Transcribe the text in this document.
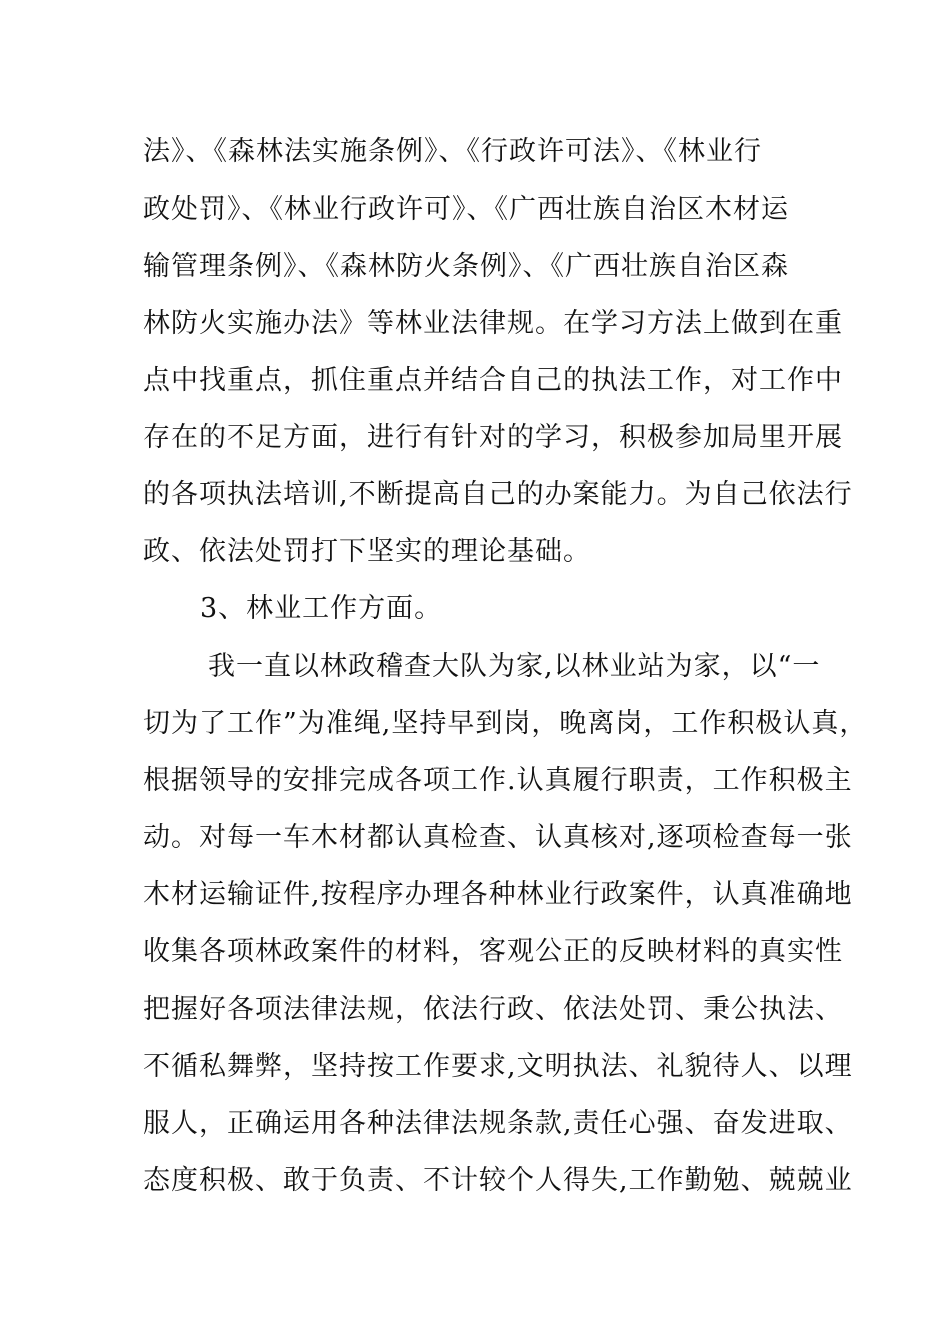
法》、《森林法实施条例》、《行政许可法》、《林业行
政处罚》、《林业行政许可》、《广西壮族自治区木材运
输管理条例》、《森林防火条例》、《广西壮族自治区森
林防火实施办法》等林业法律规。在学习方法上做到在重
点中找重点，抓住重点并结合自己的执法工作，对工作中
存在的不足方面，进行有针对的学习，积极参加局里开展
的各项执法培训,不断提高自己的办案能力。为自己依法行
政、依法处罚打下坚实的理论基础。
3、林业工作方面。
我一直以林政稽查大队为家,以林业站为家，以“一
切为了工作”为准绳,坚持早到岗，晚离岗，工作积极认真，
根据领导的安排完成各项工作.认真履行职责，工作积极主
动。对每一车木材都认真检查、认真核对,逐项检查每一张
木材运输证件,按程序办理各种林业行政案件，认真准确地
收集各项林政案件的材料，客观公正的反映材料的真实性
把握好各项法律法规，依法行政、依法处罚、秉公执法、
不循私舞弊，坚持按工作要求,文明执法、礼貌待人、以理
服人，正确运用各种法律法规条款,责任心强、奋发进取、
态度积极、敢于负责、不计较个人得失,工作勤勉、兢兢业
